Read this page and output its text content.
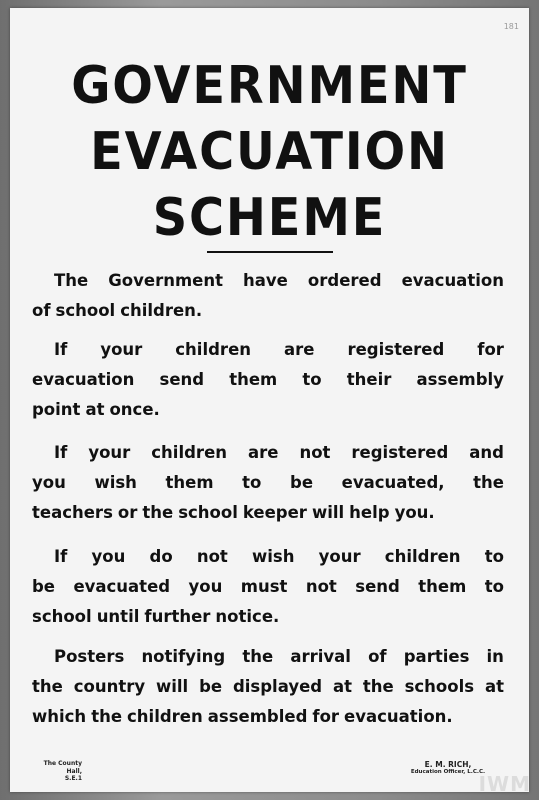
181
GOVERNMENT
EVACUATION
SCHEME
The Government have ordered evacuation
of school children.
If your children are registered for
evacuation send them to their assembly
point at once.
If your children are not registered and
you wish them to be evacuated, the
teachers or the school keeper will help you.
If you do not wish your children to
be evacuated you must not send them to
school until further notice.
Posters notifying the arrival of parties in
the country will be displayed at the schools at
which the children assembled for evacuation.
The County Hall,
S.E.1
E. M. RICH,
Education Officer, L.C.C.
IWM
